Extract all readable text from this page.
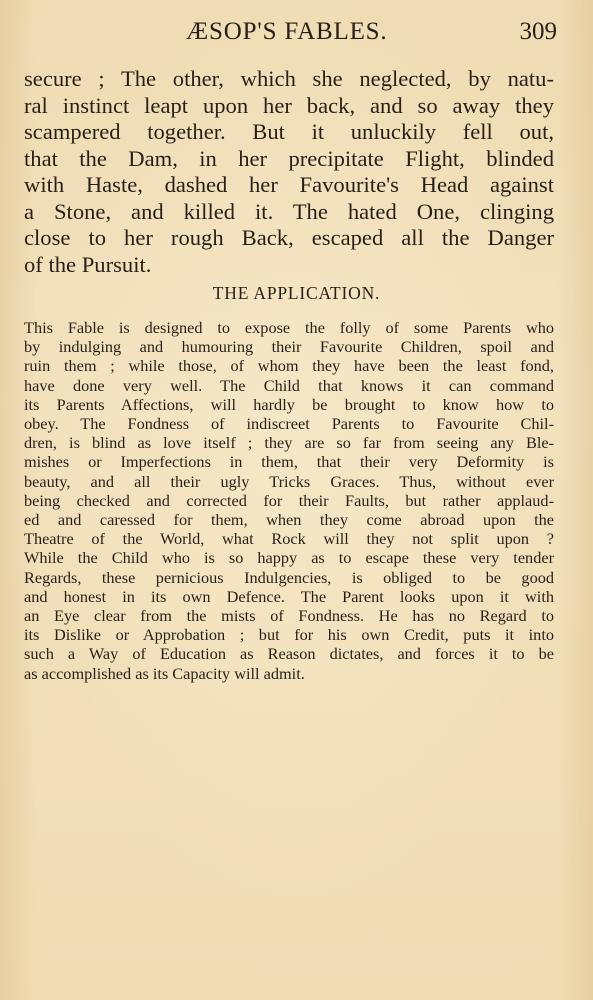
ÆSOP'S FABLES.	309
secure ; The other, which she neglected, by natu-
ral instinct leapt upon her back, and so away they
scampered together. But it unluckily fell out,
that the Dam, in her precipitate Flight, blinded
with Haste, dashed her Favourite's Head against
a Stone, and killed it. The hated One, clinging
close to her rough Back, escaped all the Danger
of the Pursuit.
THE APPLICATION.
This Fable is designed to expose the folly of some Parents who
by indulging and humouring their Favourite Children, spoil and
ruin them ; while those, of whom they have been the least fond,
have done very well. The Child that knows it can command
its Parents Affections, will hardly be brought to know how to
obey. The Fondness of indiscreet Parents to Favourite Chil-
dren, is blind as love itself ; they are so far from seeing any Ble-
mishes or Imperfections in them, that their very Deformity is
beauty, and all their ugly Tricks Graces. Thus, without ever
being checked and corrected for their Faults, but rather applaud-
ed and caressed for them, when they come abroad upon the
Theatre of the World, what Rock will they not split upon ?
While the Child who is so happy as to escape these very tender
Regards, these pernicious Indulgencies, is obliged to be good
and honest in its own Defence. The Parent looks upon it with
an Eye clear from the mists of Fondness. He has no Regard to
its Dislike or Approbation ; but for his own Credit, puts it into
such a Way of Education as Reason dictates, and forces it to be
as accomplished as its Capacity will admit.
